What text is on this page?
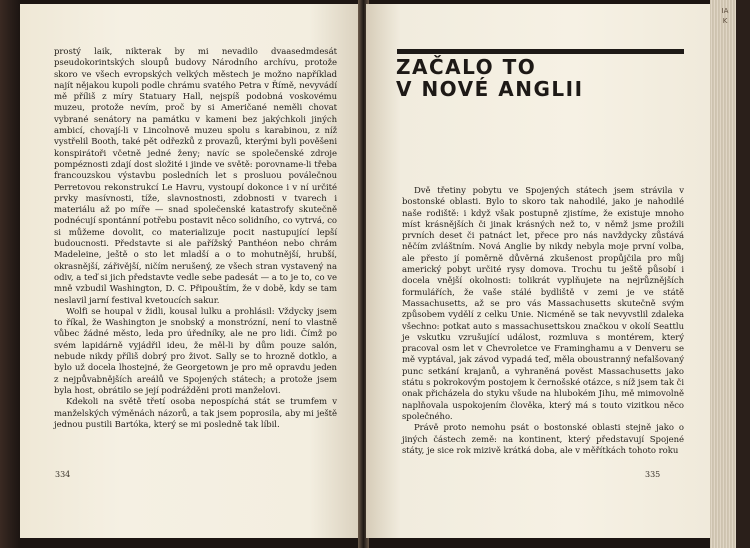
prostý laik, nikterak by mi nevadilo dvaasedmdesát pseudokorintských sloupů budovy Národního archívu, protože skoro ve všech evropských velkých městech je možno například najít nějakou kupoli podle chrámu svatého Petra v Římě, nevyvádí mě příliš z míry Statuary Hall, nejspíš podobná voskovému muzeu, protože nevím, proč by si Američané neměli chovat vybrané senátory na památku v kameni bez jakýchkoli jiných ambicí, chovají-li v Lincolnově muzeu spolu s karabinou, z níž vystřelil Booth, také pět odřezků z provazů, kterými byli pověšeni konspirátoři včetně jedné ženy; navíc se společenské zdroje pompéznosti zdají dost složité i jinde ve světě: porovname-li třeba francouzskou výstavbu posledních let s prosluou poválečnou Perretovou rekonstrukcí Le Havru, vystoupí dokonce i v ní určité prvky masívnosti, tíže, slavnostnosti, zdobnosti v tvarech i materiálu až po míře — snad společenské katastrofy skutečně podnécují spontánní potřebu postavit něco solidního, co vytrvá, co si můžeme dovolit, co materializuje pocit nastupující lepší budoucnosti. Představte si ale pařížský Panthéon nebo chrám Madeleine, ještě o sto let mladší a o to mohutnější, hrubší, okrasnější, zářivější, ničím nerušený, ze všech stran vystavený na odiv, a teď si jich představte vedle sebe padesát — a to je to, co ve mně vzbudil Washington, D. C. Připouštím, že v době, kdy se tam neslavil jarní festival kvetoucích sakur.

Wolfi se houpal v židli, kousal lulku a prohlásil: Vždycky jsem to říkal, že Washington je snobský a monstrózní, není to vlastně vůbec žádné město, leda pro úředníky, ale ne pro lidi. Čímž po svém lapidárně vyjádřil ideu, že měl-li by dům pouze salón, nebude nikdy příliš dobrý pro život. Sally se to hrozně dotklo, a bylo už docela lhostejné, že Georgetown je pro mě opravdu jeden z nejpůvabnějších areálů ve Spojených státech; a protože jsem byla host, obrátilo se její podrážděni proti manželovi.

Kdekoli na světě třetí osoba nepospíchá stát se trumfem v manželských výměnách názorů, a tak jsem poprosila, aby mi ještě jednou pustili Bartóka, který se mi posledně tak líbil.

334
ZAČALO TO
V NOVÉ ANGLII

Dvě třetiny pobytu ve Spojených státech jsem strávila v bostonské oblasti. Bylo to skoro tak nahodilé, jako je nahodilé naše rodiště: i když však postupně zjistíme, že existuje mnoho míst krásnějších či jinak krásných než to, v němž jsme prožili prvních deset či patnáct let, přece pro nás navždycky zůstává něčím zvláštním. Nová Anglie by nikdy nebyla moje první volba, ale přesto jí poměrně důvěrná zkušenost propůjčila pro můj americký pobyt určité rysy domova. Trochu tu ještě působí i docela vnější okolnosti: tolikrát vyplňujete na nejrůznějších formulářích, že vaše stálé bydliště v zemi je ve státě Massachusetts, až se pro vás Massachusetts skutečně svým způsobem vydělí z celku Unie. Nicméně se tak nevyvstlil zdaleka všechno: potkat auto s massachusettskou značkou v okolí Seattlu je vskutku vzrušující událost, rozmluva s montérem, který pracoval osm let v Chevroletce ve Framinghamu a v Denveru se mě vyptával, jak závod vypadá teď, měla oboustranný nefalšovaný punc setkání krajanů, a vyhraněná pověst Massachusetts jako státu s pokrokovým postojem k černošské otázce, s níž jsem tak či onak přicházela do styku všude na hlubokém Jihu, mě mimovolně naplňovala uspokojením člověka, který má s touto vizitkou něco společného.

Právě proto nemohu psát o bostonské oblasti stejně jako o jiných částech země: na kontinent, který představují Spojené státy, je sice rok mizivě krátká doba, ale v měřítkách tohoto roku

335
IA
K
